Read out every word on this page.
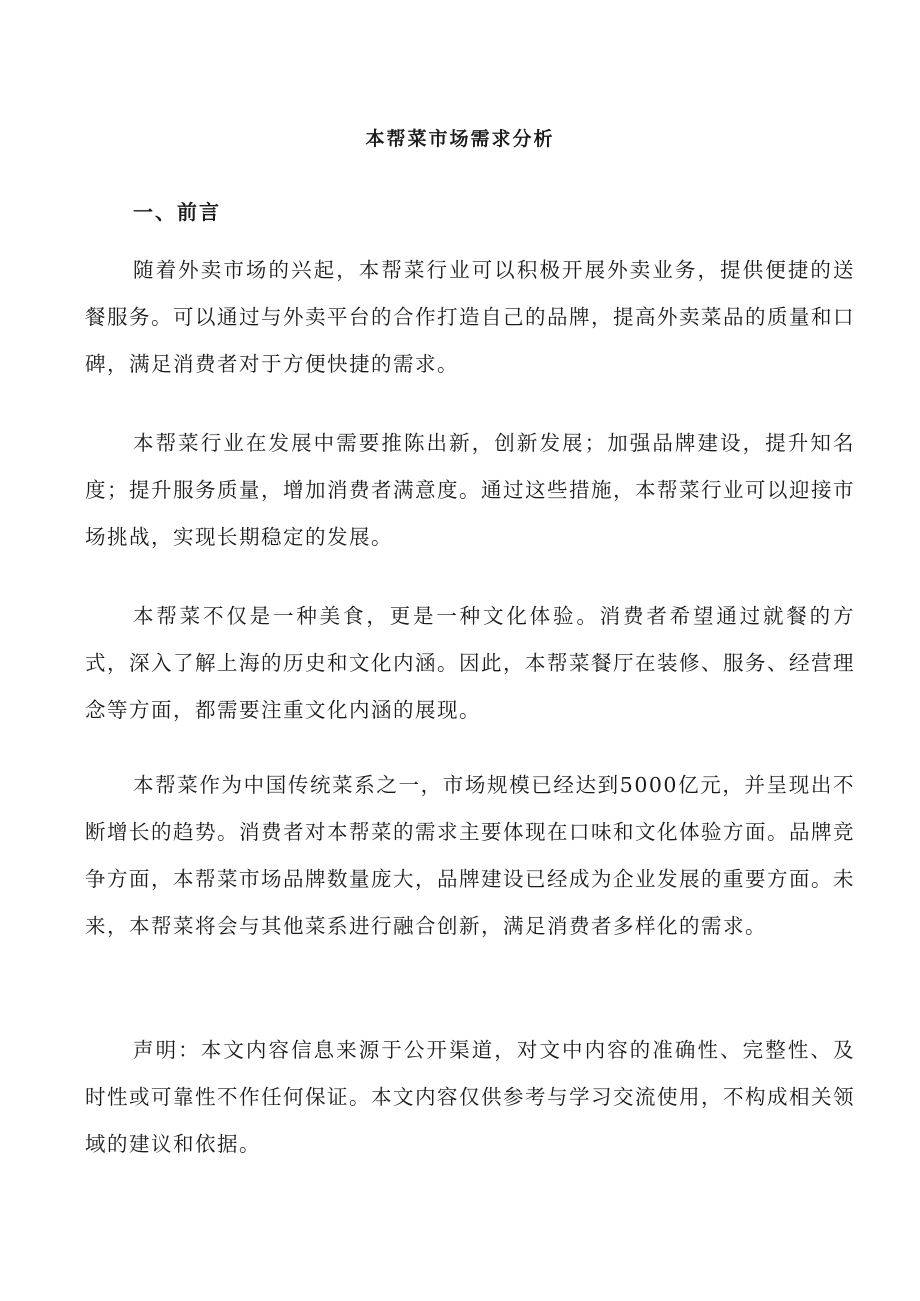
本帮菜市场需求分析
一、前言

随着外卖市场的兴起，本帮菜行业可以积极开展外卖业务，提供便捷的送餐服务。可以通过与外卖平台的合作打造自己的品牌，提高外卖菜品的质量和口碑，满足消费者对于方便快捷的需求。

本帮菜行业在发展中需要推陈出新，创新发展；加强品牌建设，提升知名度；提升服务质量，增加消费者满意度。通过这些措施，本帮菜行业可以迎接市场挑战，实现长期稳定的发展。

本帮菜不仅是一种美食，更是一种文化体验。消费者希望通过就餐的方式，深入了解上海的历史和文化内涵。因此，本帮菜餐厅在装修、服务、经营理念等方面，都需要注重文化内涵的展现。

本帮菜作为中国传统菜系之一，市场规模已经达到5000亿元，并呈现出不断增长的趋势。消费者对本帮菜的需求主要体现在口味和文化体验方面。品牌竞争方面，本帮菜市场品牌数量庞大，品牌建设已经成为企业发展的重要方面。未来，本帮菜将会与其他菜系进行融合创新，满足消费者多样化的需求。

声明：本文内容信息来源于公开渠道，对文中内容的准确性、完整性、及时性或可靠性不作任何保证。本文内容仅供参考与学习交流使用，不构成相关领域的建议和依据。
